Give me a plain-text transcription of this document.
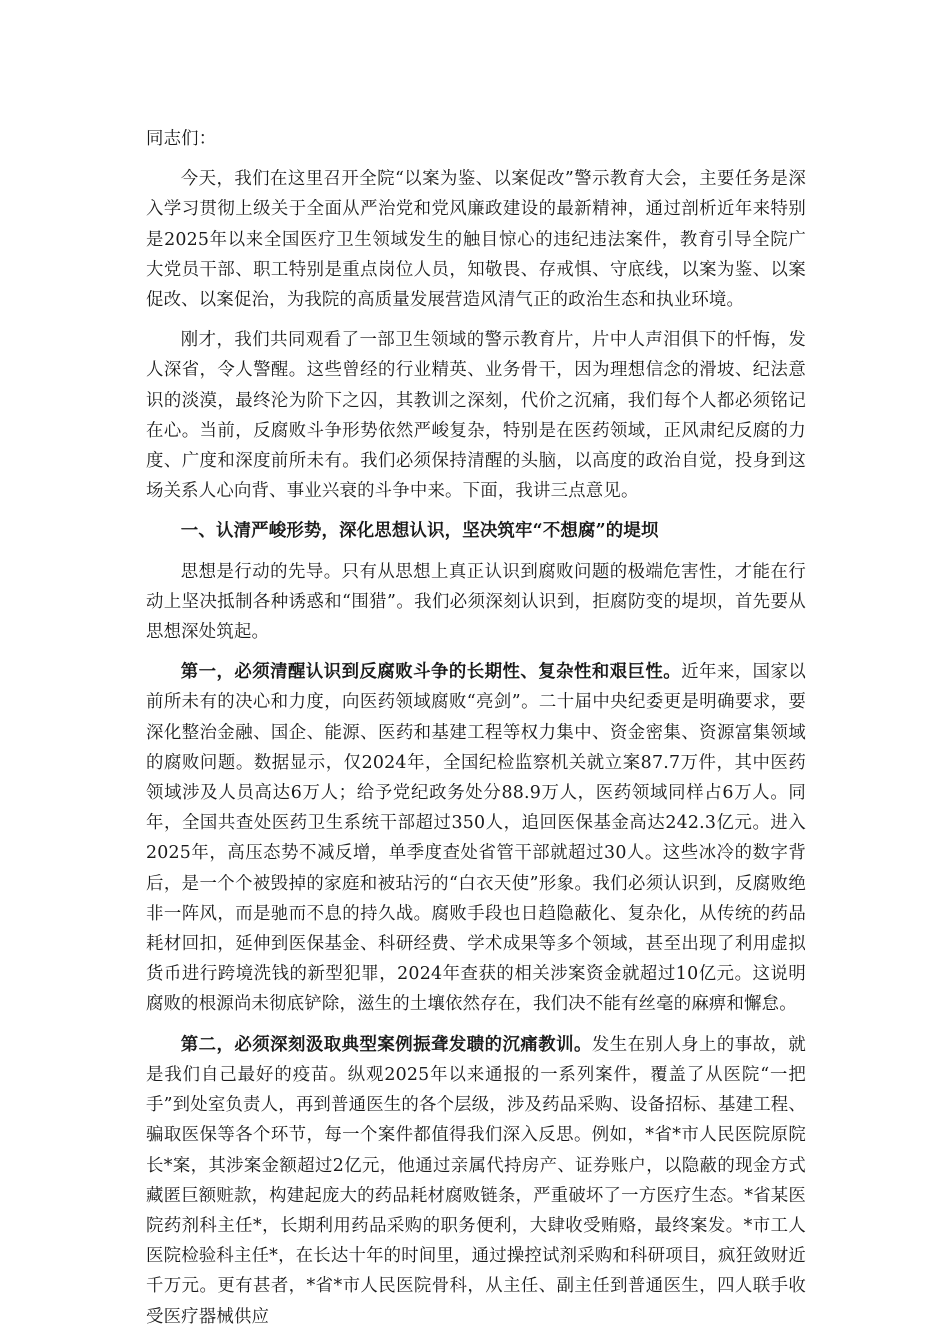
同志们：

今天，我们在这里召开全院“以案为鉴、以案促改”警示教育大会，主要任务是深入学习贯彻上级关于全面从严治党和党风廉政建设的最新精神，通过剖析近年来特别是2025年以来全国医疗卫生领域发生的触目惊心的违纪违法案件，教育引导全院广大党员干部、职工特别是重点岗位人员，知敬畏、存戒惧、守底线，以案为鉴、以案促改、以案促治，为我院的高质量发展营造风清气正的政治生态和执业环境。

刚才，我们共同观看了一部卫生领域的警示教育片，片中人声泪俱下的忏悔，发人深省，令人警醒。这些曾经的行业精英、业务骨干，因为理想信念的滑坡、纪法意识的淡漠，最终沦为阶下之囚，其教训之深刻，代价之沉痛，我们每个人都必须铭记在心。当前，反腐败斗争形势依然严峻复杂，特别是在医药领域，正风肃纪反腐的力度、广度和深度前所未有。我们必须保持清醒的头脑，以高度的政治自觉，投身到这场关系人心向背、事业兴衰的斗争中来。下面，我讲三点意见。

一、认清严峻形势，深化思想认识，坚决筑牢“不想腐”的堤坝

思想是行动的先导。只有从思想上真正认识到腐败问题的极端危害性，才能在行动上坚决抵制各种诱惑和“围猎”。我们必须深刻认识到，拒腐防变的堤坝，首先要从思想深处筑起。

第一，必须清醒认识到反腐败斗争的长期性、复杂性和艰巨性。近年来，国家以前所未有的决心和力度，向医药领域腐败“亮剑”。二十届中央纪委更是明确要求，要深化整治金融、国企、能源、医药和基建工程等权力集中、资金密集、资源富集领域的腐败问题。数据显示，仅2024年，全国纪检监察机关就立案87.7万件，其中医药领域涉及人员高达6万人；给予党纪政务处分88.9万人，医药领域同样占6万人。同年，全国共查处医药卫生系统干部超过350人，追回医保基金高达242.3亿元。进入2025年，高压态势不减反增，单季度查处省管干部就超过30人。这些冰冷的数字背后，是一个个被毁掉的家庭和被玷污的“白衣天使”形象。我们必须认识到，反腐败绝非一阵风，而是驰而不息的持久战。腐败手段也日趋隐蔽化、复杂化，从传统的药品耗材回扣，延伸到医保基金、科研经费、学术成果等多个领域，甚至出现了利用虚拟货币进行跨境洗钱的新型犯罪，2024年查获的相关涉案资金就超过10亿元。这说明腐败的根源尚未彻底铲除，滋生的土壤依然存在，我们决不能有丝毫的麻痹和懈怠。

第二，必须深刻汲取典型案例振聋发聩的沉痛教训。发生在别人身上的事故，就是我们自己最好的疫苗。纵观2025年以来通报的一系列案件，覆盖了从医院“一把手”到处室负责人，再到普通医生的各个层级，涉及药品采购、设备招标、基建工程、骗取医保等各个环节，每一个案件都值得我们深入反思。例如，*省*市人民医院原院长*案，其涉案金额超过2亿元，他通过亲属代持房产、证券账户，以隐蔽的现金方式藏匿巨额赃款，构建起庞大的药品耗材腐败链条，严重破坏了一方医疗生态。*省某医院药剂科主任*，长期利用药品采购的职务便利，大肆收受贿赂，最终案发。*市工人医院检验科主任*，在长达十年的时间里，通过操控试剂采购和科研项目，疯狂敛财近千万元。更有甚者，*省*市人民医院骨科，从主任、副主任到普通医生，四人联手收受医疗器械供应
